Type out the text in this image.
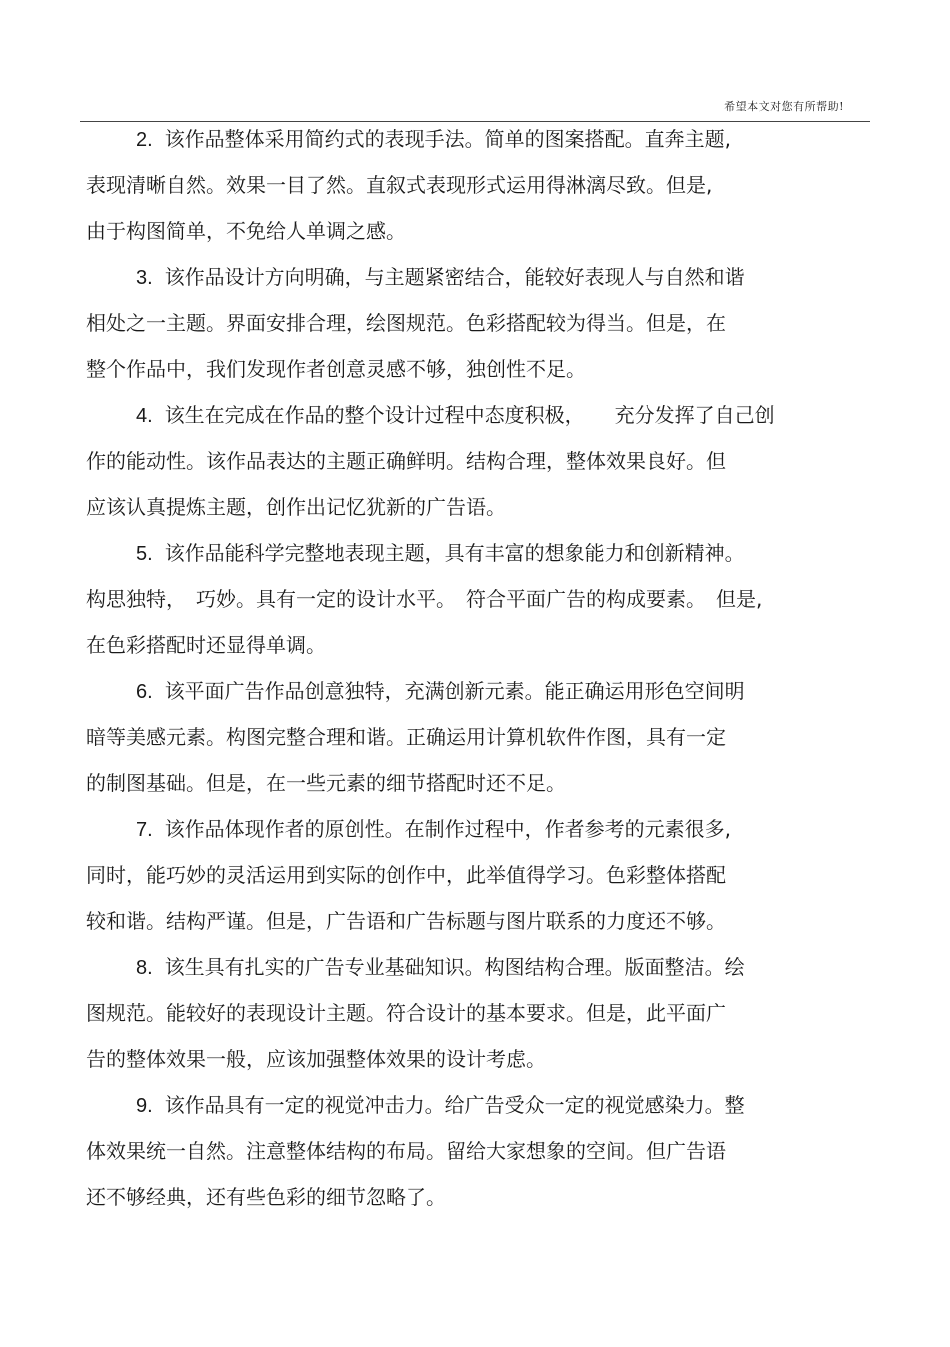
希望本文对您有所帮助!
2. 该作品整体采用简约式的表现手法。简单的图案搭配。直奔主题,
表现清晰自然。效果一目了然。直叙式表现形式运用得淋漓尽致。但是,
由于构图简单，不免给人单调之感。
3. 该作品设计方向明确，与主题紧密结合，能较好表现人与自然和谐
相处之一主题。界面安排合理，绘图规范。色彩搭配较为得当。但是，在
整个作品中，我们发现作者创意灵感不够，独创性不足。
4. 该生在完成在作品的整个设计过程中态度积极，　　充分发挥了自己创
作的能动性。该作品表达的主题正确鲜明。结构合理，整体效果良好。但
应该认真提炼主题，创作出记忆犹新的广告语。
5. 该作品能科学完整地表现主题，具有丰富的想象能力和创新精神。
构思独特，　巧妙。具有一定的设计水平。　符合平面广告的构成要素。　但是,
在色彩搭配时还显得单调。
6. 该平面广告作品创意独特，充满创新元素。能正确运用形色空间明
暗等美感元素。构图完整合理和谐。正确运用计算机软件作图，具有一定
的制图基础。但是，在一些元素的细节搭配时还不足。
7. 该作品体现作者的原创性。在制作过程中，作者参考的元素很多,
同时，能巧妙的灵活运用到实际的创作中，此举值得学习。色彩整体搭配
较和谐。结构严谨。但是，广告语和广告标题与图片联系的力度还不够。
8. 该生具有扎实的广告专业基础知识。构图结构合理。版面整洁。绘
图规范。能较好的表现设计主题。符合设计的基本要求。但是，此平面广
告的整体效果一般，应该加强整体效果的设计考虑。
9. 该作品具有一定的视觉冲击力。给广告受众一定的视觉感染力。整
体效果统一自然。注意整体结构的布局。留给大家想象的空间。但广告语
还不够经典，还有些色彩的细节忽略了。
